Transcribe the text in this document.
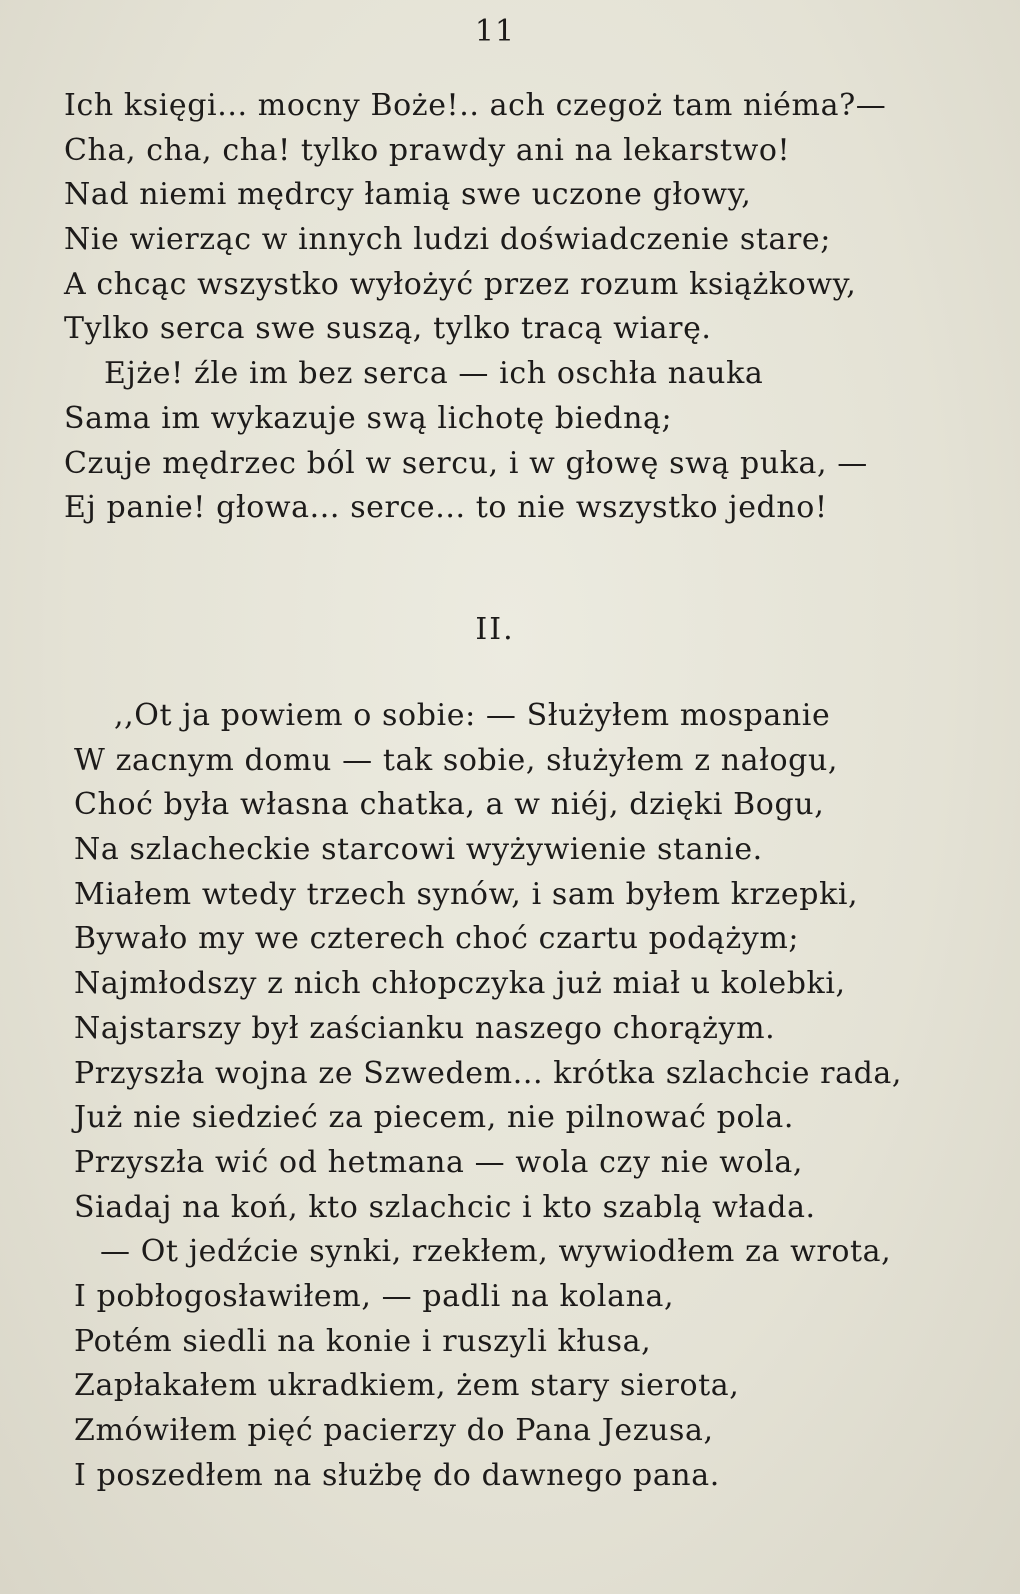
11
Ich księgi... mocny Boże!.. ach czegoż tam niéma?—
Cha, cha, cha! tylko prawdy ani na lekarstwo!
Nad niemi mędrcy łamią swe uczone głowy,
Nie wierząc w innych ludzi doświadczenie stare;
A chcąc wszystko wyłożyć przez rozum książkowy,
Tylko serca swe suszą, tylko tracą wiarę.
Ejże! źle im bez serca — ich oschła nauka
Sama im wykazuje swą lichotę biedną;
Czuje mędrzec ból w sercu, i w głowę swą puka, —
Ej panie! głowa... serce... to nie wszystko jedno!
II.
,,Ot ja powiem o sobie: — Służyłem mospanie
W zacnym domu — tak sobie, służyłem z nałogu,
Choć była własna chatka, a w niéj, dzięki Bogu,
Na szlacheckie starcowi wyżywienie stanie.
Miałem wtedy trzech synów, i sam byłem krzepki,
Bywało my we czterech choć czartu podążym;
Najmłodszy z nich chłopczyka już miał u kolebki,
Najstarszy był zaścianku naszego chorążym.
Przyszła wojna ze Szwedem... krótka szlachcie rada,
Już nie siedzieć za piecem, nie pilnować pola.
Przyszła wić od hetmana — wola czy nie wola,
Siadaj na koń, kto szlachcic i kto szablą włada.
— Ot jedźcie synki, rzekłem, wywiodłem za wrota,
I pobłogosławiłem, — padli na kolana,
Potém siedli na konie i ruszyli kłusa,
Zapłakałem ukradkiem, żem stary sierota,
Zmówiłem pięć pacierzy do Pana Jezusa,
I poszedłem na służbę do dawnego pana.
